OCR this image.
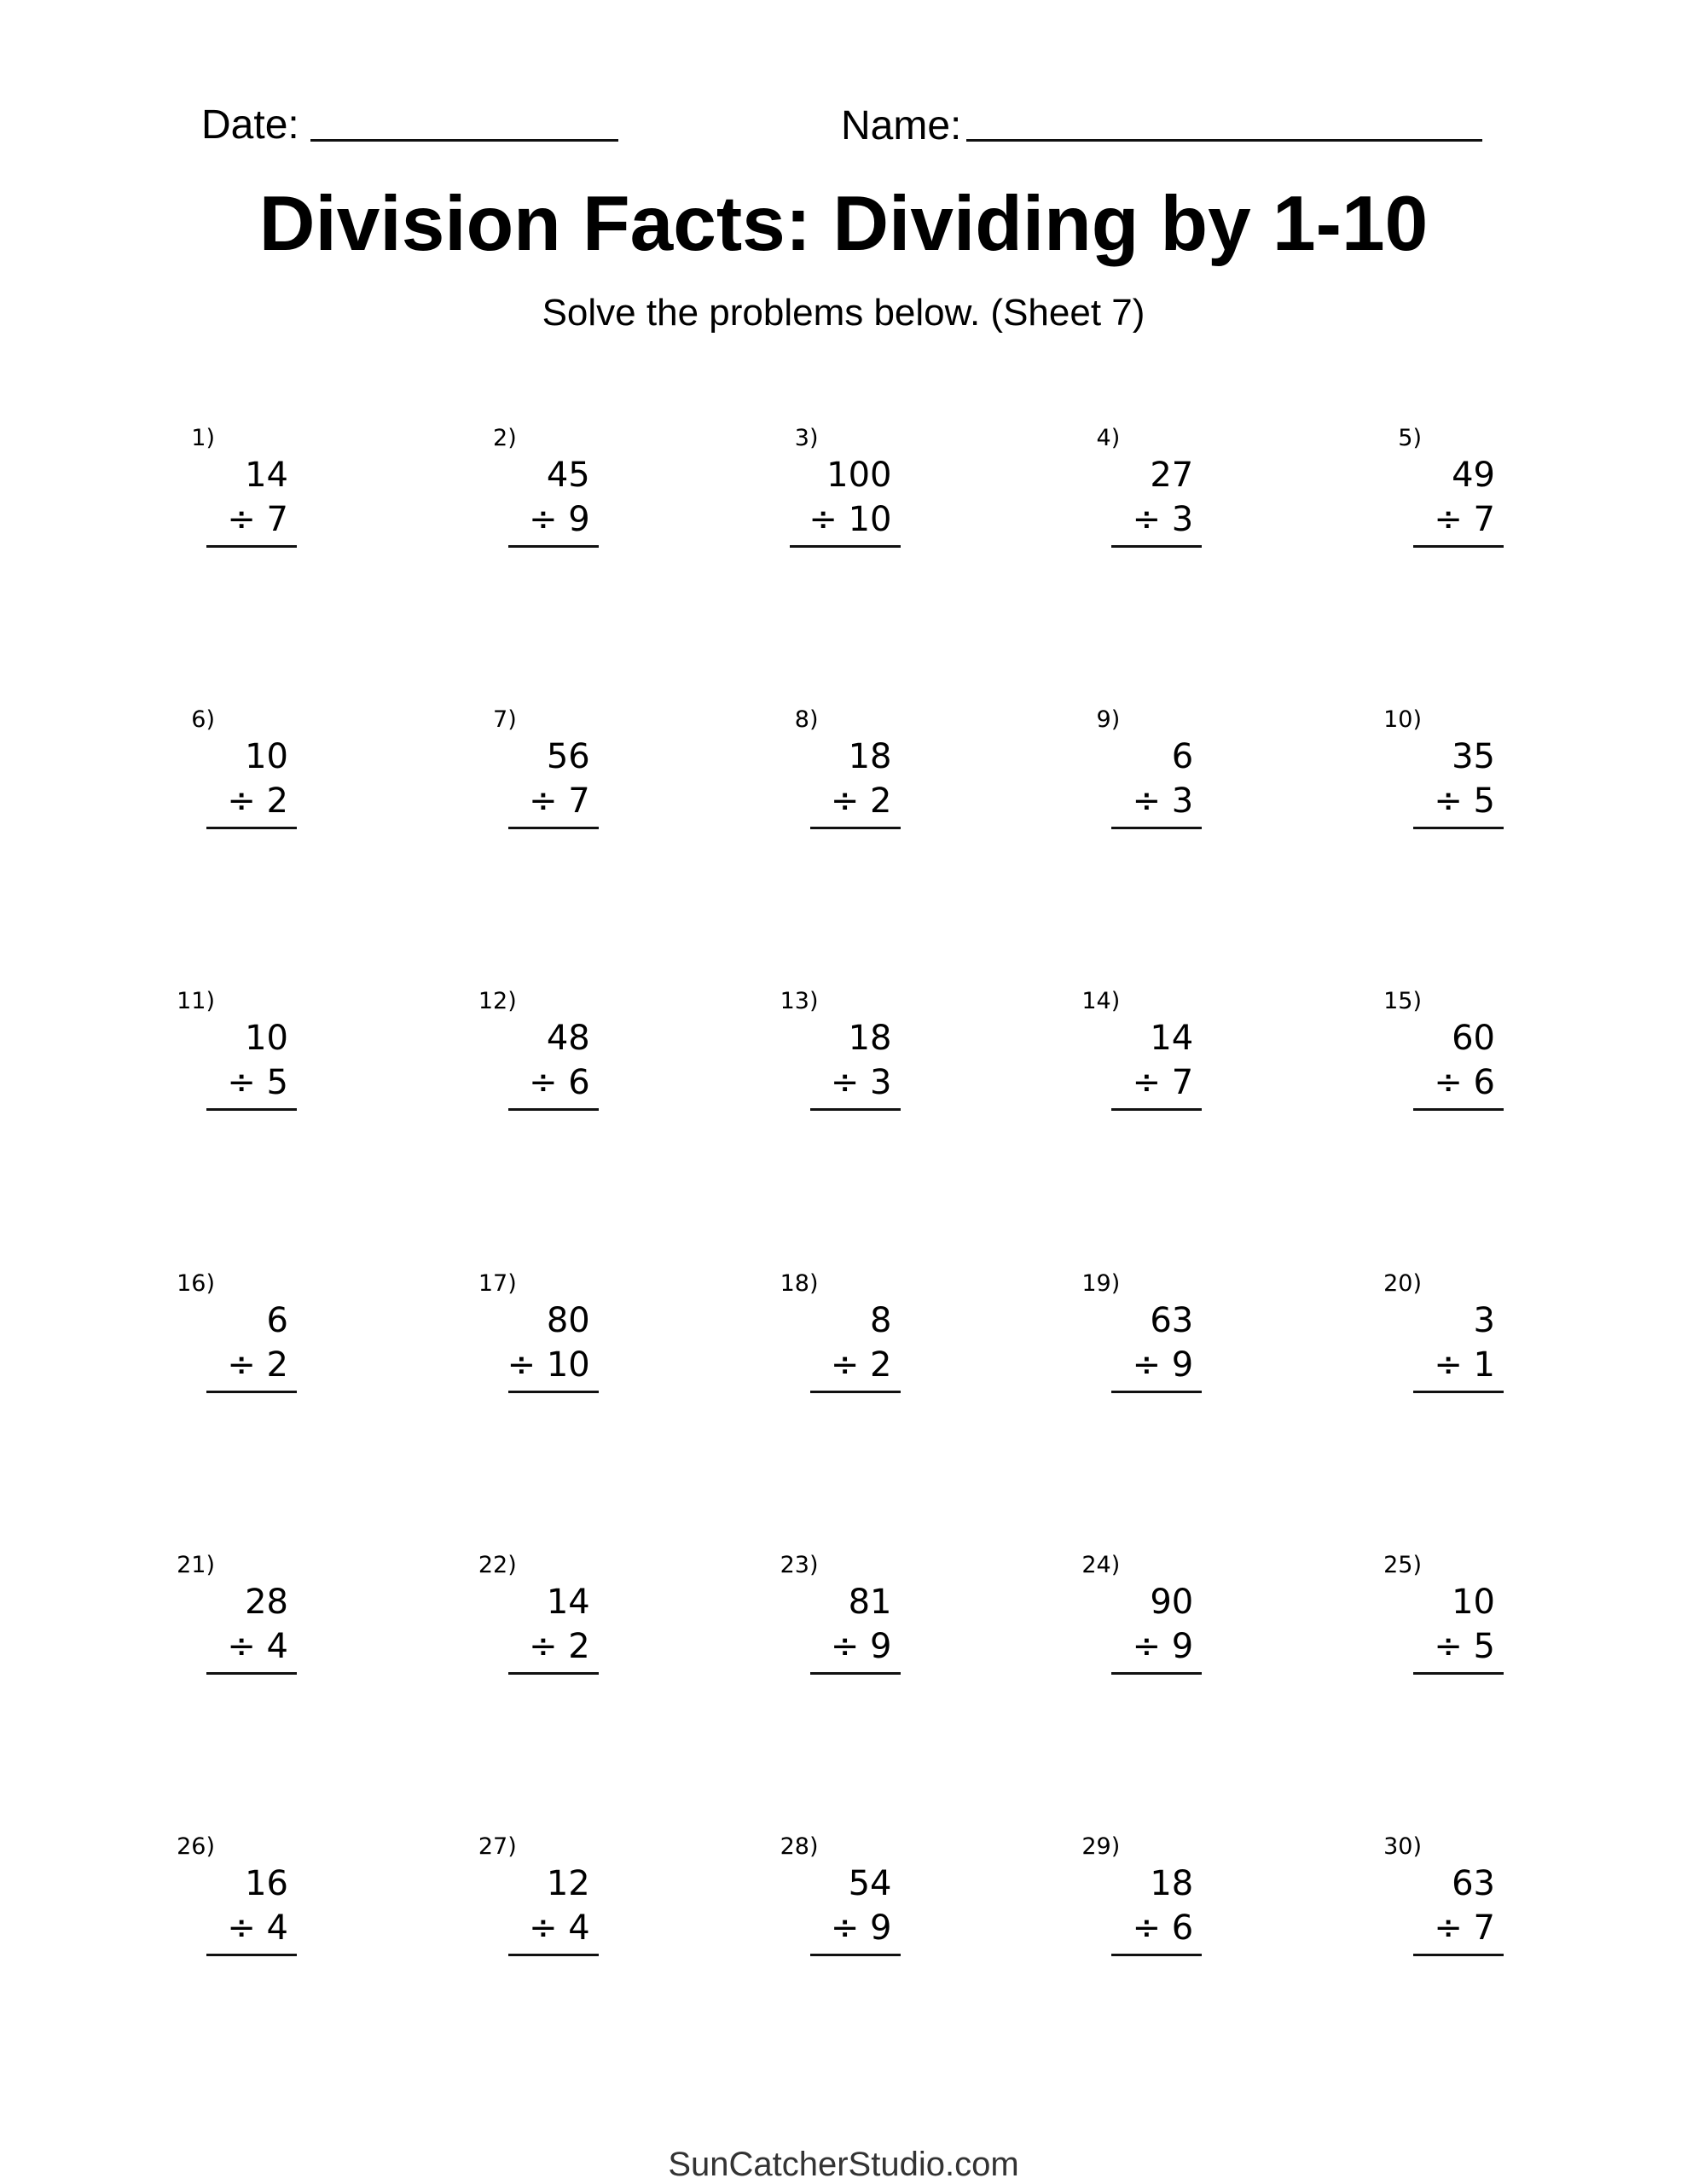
Date:	Name:
Division Facts: Dividing by 1-10
Solve the problems below. (Sheet 7)
1)
14
÷ 7
2)
45
÷ 9
3)
100
÷ 10
4)
27
÷ 3
5)
49
÷ 7
6)
10
÷ 2
7)
56
÷ 7
8)
18
÷ 2
9)
6
÷ 3
10)
35
÷ 5
11)
10
÷ 5
12)
48
÷ 6
13)
18
÷ 3
14)
14
÷ 7
15)
60
÷ 6
16)
6
÷ 2
17)
80
÷ 10
18)
8
÷ 2
19)
63
÷ 9
20)
3
÷ 1
21)
28
÷ 4
22)
14
÷ 2
23)
81
÷ 9
24)
90
÷ 9
25)
10
÷ 5
26)
16
÷ 4
27)
12
÷ 4
28)
54
÷ 9
29)
18
÷ 6
30)
63
÷ 7
SunCatcherStudio.com
